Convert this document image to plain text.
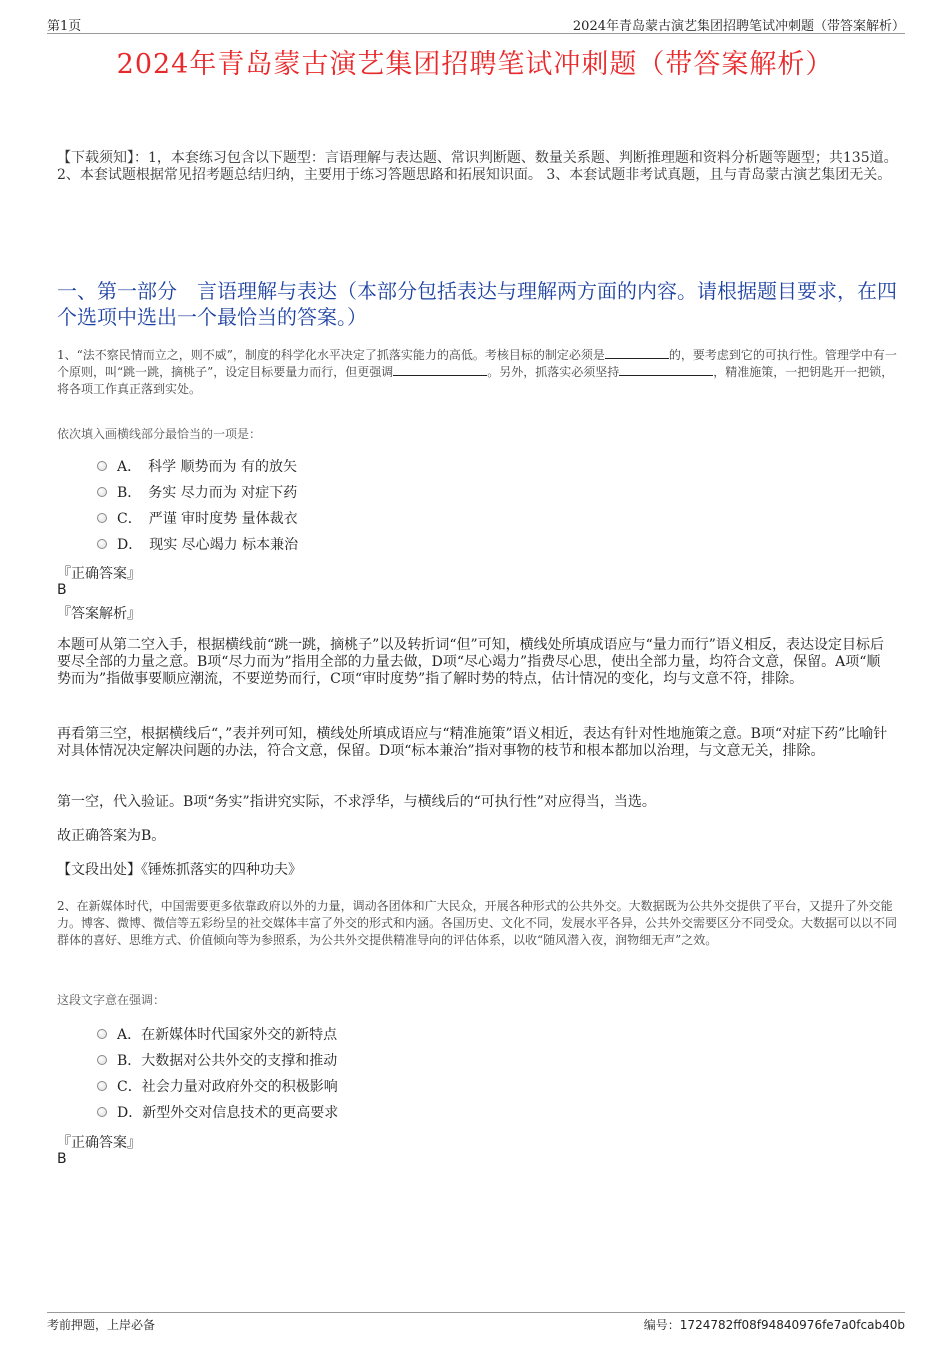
第1页	2024年青岛蒙古演艺集团招聘笔试冲刺题（带答案解析）
2024年青岛蒙古演艺集团招聘笔试冲刺题（带答案解析）
【下载须知】：1，本套练习包含以下题型：言语理解与表达题、常识判断题、数量关系题、判断推理题和资料分析题等题型；共135道。 2、本套试题根据常见招考题总结归纳，主要用于练习答题思路和拓展知识面。 3、本套试题非考试真题，且与青岛蒙古演艺集团无关。
一、第一部分　言语理解与表达（本部分包括表达与理解两方面的内容。请根据题目要求，在四个选项中选出一个最恰当的答案。）
1、“法不察民情而立之，则不威”，制度的科学化水平决定了抓落实能力的高低。考核目标的制定必须是	的，要考虑到它的可执行性。管理学中有一个原则，叫“跳一跳，摘桃子”，设定目标要量力而行，但更强调	。另外，抓落实必须坚持	，精准施策，一把钥匙开一把锁，将各项工作真正落到实处。
依次填入画横线部分最恰当的一项是：
A．　科学 顺势而为 有的放矢
B．　务实 尽力而为 对症下药
C．　严谨 审时度势 量体裁衣
D．　现实 尽心竭力 标本兼治
『正确答案』
B
『答案解析』
本题可从第二空入手，根据横线前“跳一跳，摘桃子”以及转折词“但”可知，横线处所填成语应与“量力而行”语义相反，表达设定目标后要尽全部的力量之意。B项“尽力而为”指用全部的力量去做，D项“尽心竭力”指费尽心思，使出全部力量，均符合文意，保留。A项“顺势而为”指做事要顺应潮流，不要逆势而行，C项“审时度势”指了解时势的特点，估计情况的变化，均与文意不符，排除。
再看第三空，根据横线后“，”表并列可知，横线处所填成语应与“精准施策”语义相近，表达有针对性地施策之意。B项“对症下药”比喻针对具体情况决定解决问题的办法，符合文意，保留。D项“标本兼治”指对事物的枝节和根本都加以治理，与文意无关，排除。
第一空，代入验证。B项“务实”指讲究实际，不求浮华，与横线后的“可执行性”对应得当，当选。
故正确答案为B。
【文段出处】《锤炼抓落实的四种功夫》
2、在新媒体时代，中国需要更多依靠政府以外的力量，调动各团体和广大民众，开展各种形式的公共外交。大数据既为公共外交提供了平台，又提升了外交能力。博客、微博、微信等五彩纷呈的社交媒体丰富了外交的形式和内涵。各国历史、文化不同，发展水平各异，公共外交需要区分不同受众。大数据可以以不同群体的喜好、思维方式、价值倾向等为参照系，为公共外交提供精准导向的评估体系，以收“随风潜入夜，润物细无声”之效。
这段文字意在强调：
A．在新媒体时代国家外交的新特点
B．大数据对公共外交的支撑和推动
C．社会力量对政府外交的积极影响
D．新型外交对信息技术的更高要求
『正确答案』
B
考前押题，上岸必备	编号：1724782ff08f94840976fe7a0fcab40b
